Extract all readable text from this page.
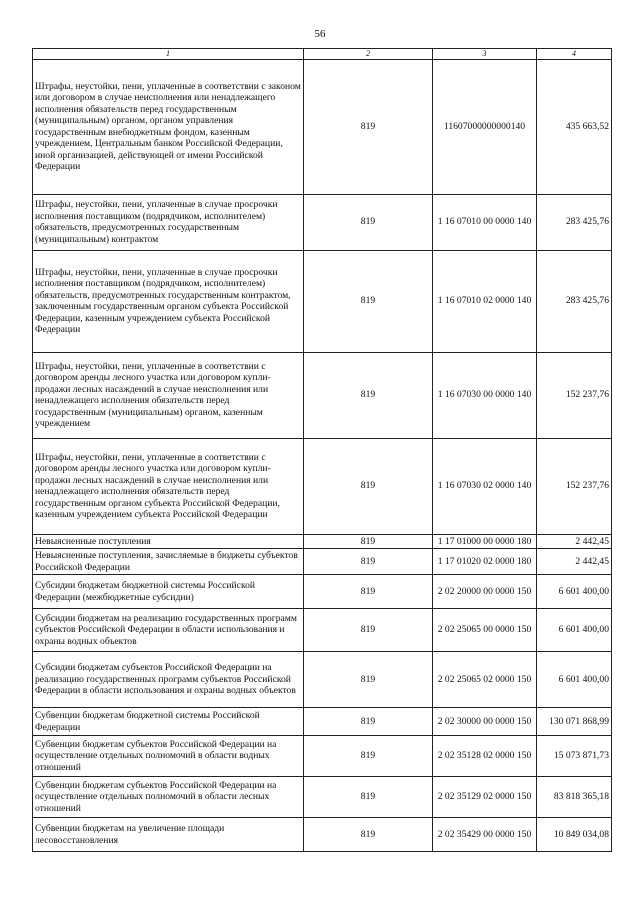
56
1	2	3	4
Штрафы, неустойки, пени, уплаченные в соответствии с законом или договором в случае неисполнения или ненадлежащего исполнения обязательств перед государственным (муниципальным) органом, органом управления государственным внебюджетным фондом, казенным учреждением, Центральным банком Российской Федерации, иной организацией, действующей от имени Российской Федерации	819	11607000000000140	435 663,52
Штрафы, неустойки, пени, уплаченные в случае просрочки исполнения поставщиком (подрядчиком, исполнителем) обязательств, предусмотренных государственным (муниципальным) контрактом	819	1 16 07010 00 0000 140	283 425,76
Штрафы, неустойки, пени, уплаченные в случае просрочки исполнения поставщиком (подрядчиком, исполнителем) обязательств, предусмотренных государственным контрактом, заключенным государственным органом субъекта Российской Федерации, казенным учреждением субъекта Российской Федерации	819	1 16 07010 02 0000 140	283 425,76
Штрафы, неустойки, пени, уплаченные в соответствии с договором аренды лесного участка или договором купли-продажи лесных насаждений в случае неисполнения или ненадлежащего исполнения обязательств перед государственным (муниципальным) органом, казенным учреждением	819	1 16 07030 00 0000 140	152 237,76
Штрафы, неустойки, пени, уплаченные в соответствии с договором аренды лесного участка или договором купли-продажи лесных насаждений в случае неисполнения или ненадлежащего исполнения обязательств перед государственным органом субъекта Российской Федерации, казенным учреждением субъекта Российской Федерации	819	1 16 07030 02 0000 140	152 237,76
Невыясненные поступления	819	1 17 01000 00 0000 180	2 442,45
Невыясненные поступления, зачисляемые в бюджеты субъектов Российской Федерации	819	1 17 01020 02 0000 180	2 442,45
Субсидии бюджетам бюджетной системы Российской Федерации (межбюджетные субсидии)	819	2 02 20000 00 0000 150	6 601 400,00
Субсидии бюджетам на реализацию государственных программ субъектов Российской Федерации в области использования и охраны водных объектов	819	2 02 25065 00 0000 150	6 601 400,00
Субсидии бюджетам субъектов Российской Федерации на реализацию государственных программ субъектов Российской Федерации в области использования и охраны водных объектов	819	2 02 25065 02 0000 150	6 601 400,00
Субвенции бюджетам бюджетной системы Российской Федерации	819	2 02 30000 00 0000 150	130 071 868,99
Субвенции бюджетам субъектов Российской Федерации на осуществление отдельных полномочий в области водных отношений	819	2 02 35128 02 0000 150	15 073 871,73
Субвенции бюджетам субъектов Российской Федерации на осуществление отдельных полномочий в области лесных отношений	819	2 02 35129 02 0000 150	83 818 365,18
Субвенции бюджетам на увеличение площади лесовосстановления	819	2 02 35429 00 0000 150	10 849 034,08
